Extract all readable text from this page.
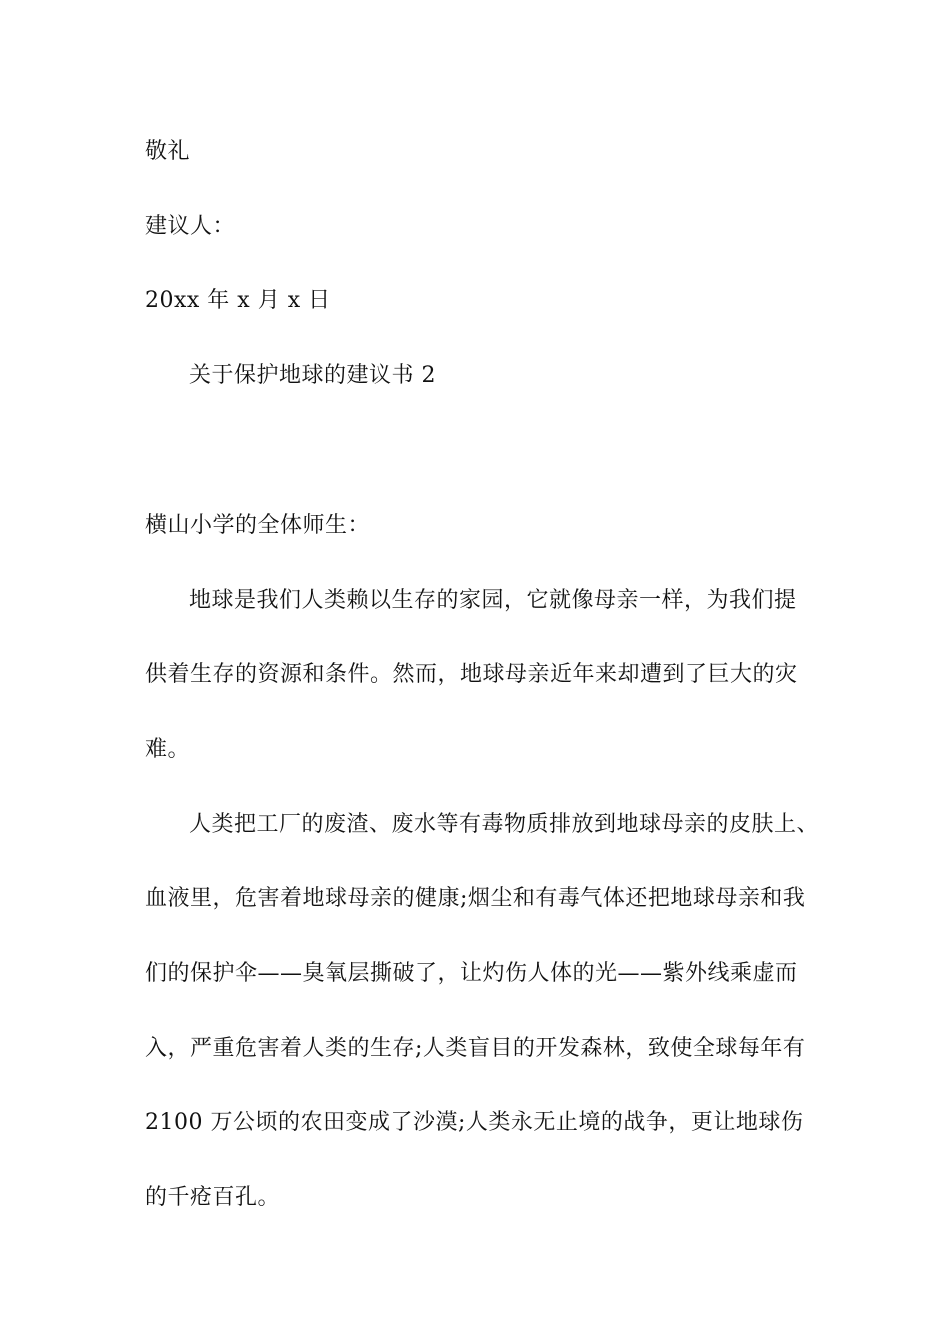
敬礼
建议人：
20xx 年 x 月 x 日
关于保护地球的建议书 2
横山小学的全体师生：
地球是我们人类赖以生存的家园，它就像母亲一样，为我们提
供着生存的资源和条件。然而，地球母亲近年来却遭到了巨大的灾
难。
人类把工厂的废渣、废水等有毒物质排放到地球母亲的皮肤上、
血液里，危害着地球母亲的健康;烟尘和有毒气体还把地球母亲和我
们的保护伞——臭氧层撕破了，让灼伤人体的光——紫外线乘虚而
入，严重危害着人类的生存;人类盲目的开发森林，致使全球每年有
2100 万公顷的农田变成了沙漠;人类永无止境的战争，更让地球伤
的千疮百孔。
